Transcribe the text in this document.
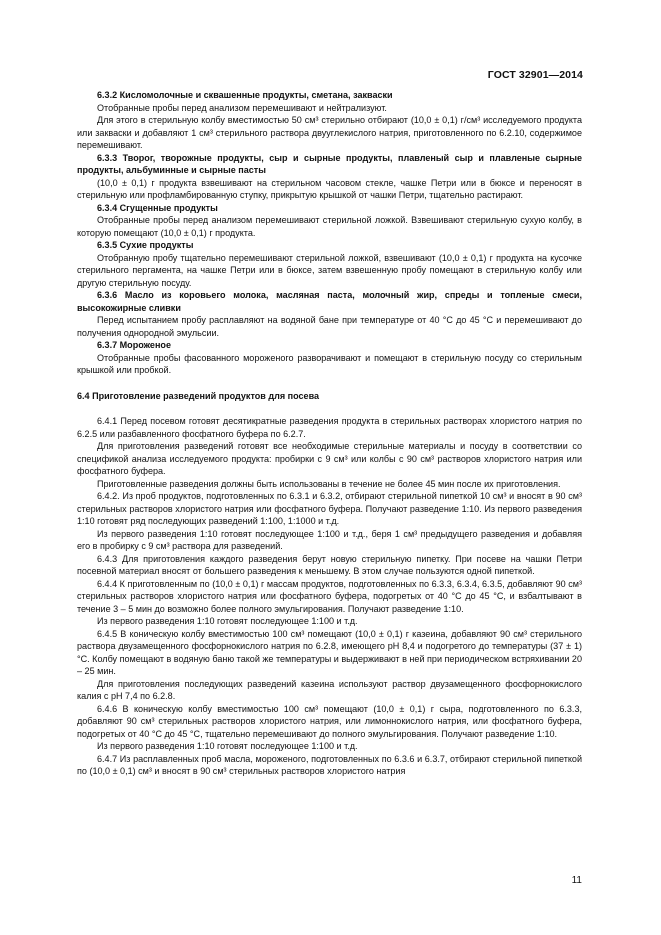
ГОСТ 32901—2014

6.3.2 Кисломолочные и сквашенные продукты, сметана, закваски

Отобранные пробы перед анализом перемешивают и нейтрализуют.

Для этого в стерильную колбу вместимостью 50 см³ стерильно отбирают (10,0 ± 0,1) г/см³ исследуемого продукта или закваски и добавляют 1 см³ стерильного раствора двууглекислого натрия, приготовленного по 6.2.10, содержимое перемешивают.

6.3.3 Творог, творожные продукты, сыр и сырные продукты, плавленый сыр и плавленые сырные продукты, альбуминные и сырные пасты

(10,0 ± 0,1) г продукта взвешивают на стерильном часовом стекле, чашке Петри или в бюксе и переносят в стерильную или профламбированную ступку, прикрытую крышкой от чашки Петри, тщательно растирают.

6.3.4 Сгущенные продукты

Отобранные пробы перед анализом перемешивают стерильной ложкой. Взвешивают стерильную сухую колбу, в которую помещают (10,0 ± 0,1) г продукта.

6.3.5 Сухие продукты

Отобранную пробу тщательно перемешивают стерильной ложкой, взвешивают (10,0 ± 0,1) г продукта на кусочке стерильного пергамента, на чашке Петри или в бюксе, затем взвешенную пробу помещают в стерильную колбу или другую стерильную посуду.

6.3.6 Масло из коровьего молока, масляная паста, молочный жир, спреды и топленые смеси, высокожирные сливки

Перед испытанием пробу расплавляют на водяной бане при температуре от 40 °С до 45 °С и перемешивают до получения однородной эмульсии.

6.3.7 Мороженое

Отобранные пробы фасованного мороженого разворачивают и помещают в стерильную посуду со стерильным крышкой или пробкой.

6.4 Приготовление разведений продуктов для посева

6.4.1 Перед посевом готовят десятикратные разведения продукта в стерильных растворах хлористого натрия по 6.2.5 или разбавленного фосфатного буфера по 6.2.7.

Для приготовления разведений готовят все необходимые стерильные материалы и посуду в соответствии со спецификой анализа исследуемого продукта: пробирки с 9 см³ или колбы с 90 см³ растворов хлористого натрия или фосфатного буфера.

Приготовленные разведения должны быть использованы в течение не более 45 мин после их приготовления.

6.4.2. Из проб продуктов, подготовленных по 6.3.1 и 6.3.2, отбирают стерильной пипеткой 10 см³ и вносят в 90 см³ стерильных растворов хлористого натрия или фосфатного буфера. Получают разведение 1:10. Из первого разведения 1:10 готовят ряд последующих разведений 1:100, 1:1000 и т.д.

Из первого разведения 1:10 готовят последующее 1:100 и т.д., беря 1 см³ предыдущего разведения и добавляя его в пробирку с 9 см³ раствора для разведений.

6.4.3 Для приготовления каждого разведения берут новую стерильную пипетку. При посеве на чашки Петри посевной материал вносят от большего разведения к меньшему. В этом случае пользуются одной пипеткой.

6.4.4 К приготовленным по (10,0 ± 0,1) г массам продуктов, подготовленных по 6.3.3, 6.3.4, 6.3.5, добавляют 90 см³ стерильных растворов хлористого натрия или фосфатного буфера, подогретых от 40 °С до 45 °С, и взбалтывают в течение 3 ‒ 5 мин до возможно более полного эмульгирования. Получают разведение 1:10.

Из первого разведения 1:10 готовят последующее 1:100 и т.д.

6.4.5 В коническую колбу вместимостью 100 см³ помещают (10,0 ± 0,1) г казеина, добавляют 90 см³ стерильного раствора двузамещенного фосфорнокислого натрия по 6.2.8, имеющего рН 8,4 и подогретого до температуры (37 ± 1) °С. Колбу помещают в водяную баню такой же температуры и выдерживают в ней при периодическом встряхивании 20 ‒ 25 мин.

Для приготовления последующих разведений казеина используют раствор двузамещенного фосфорнокислого калия с рН 7,4 по 6.2.8.

6.4.6 В коническую колбу вместимостью 100 см³ помещают (10,0 ± 0,1) г сыра, подготовленного по 6.3.3, добавляют 90 см³ стерильных растворов хлористого натрия, или лимоннокислого натрия, или фосфатного буфера, подогретых от 40 °С до 45 °С, тщательно перемешивают до полного эмульгирования. Получают разведение 1:10.

Из первого разведения 1:10 готовят последующее 1:100 и т.д.

6.4.7 Из расплавленных проб масла, мороженого, подготовленных по 6.3.6 и 6.3.7, отбирают стерильной пипеткой по (10,0 ± 0,1) см³ и вносят в 90 см³ стерильных растворов хлористого натрия

11
